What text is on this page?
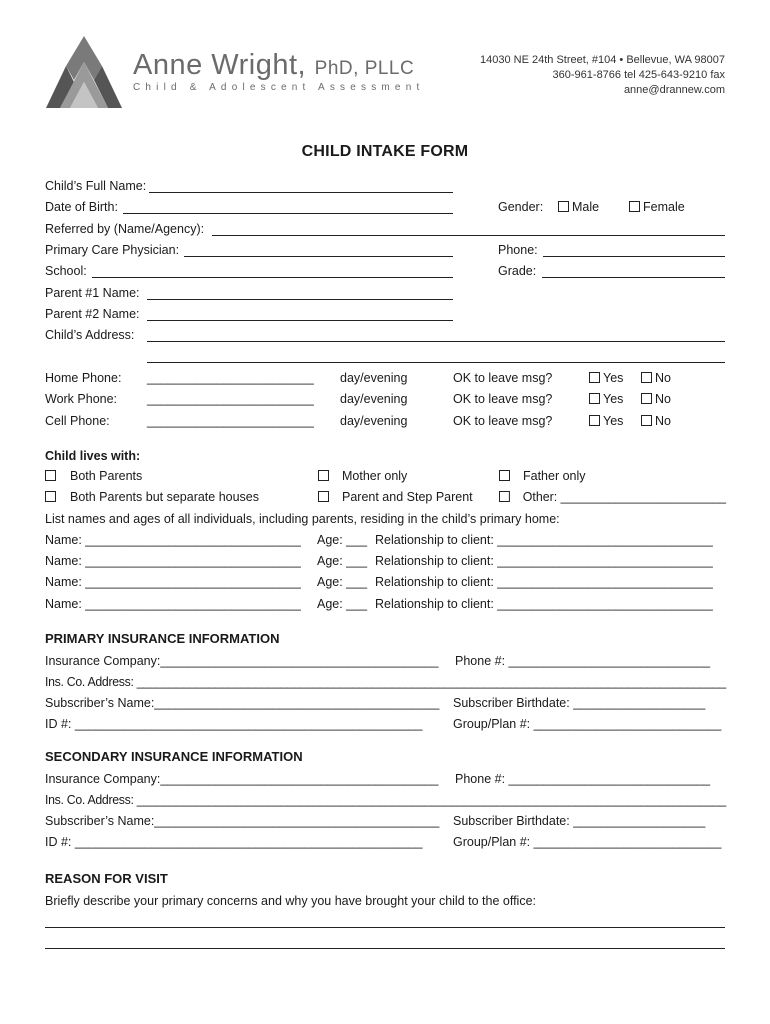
Anne Wright, PhD, PLLC
Child & Adolescent Assessment
14030 NE 24th Street, #104 • Bellevue, WA 98007
360-961-8766 tel 425-643-9210 fax
anne@drannew.com
CHILD INTAKE FORM
Child’s Full Name:
Date of Birth:	Gender:	Male	Female
Referred by (Name/Agency):
Primary Care Physician:	Phone:
School:	Grade:
Parent #1 Name:
Parent #2 Name:
Child’s Address:
Home Phone: ________________________ day/evening	OK to leave msg?	Yes	No
Work Phone: ________________________ day/evening	OK to leave msg?	Yes	No
Cell Phone:	________________________ day/evening	OK to leave msg?	Yes	No
Child lives with:
Both Parents	Mother only	Father only
Both Parents but separate houses	Parent and Step Parent	Other: ________________________
List names and ages of all individuals, including parents, residing in the child’s primary home:
Name: _______________________________ Age: ___ Relationship to client: _______________________________
Name: _______________________________ Age: ___ Relationship to client: _______________________________
Name: _______________________________ Age: ___ Relationship to client: _______________________________
Name: _______________________________ Age: ___ Relationship to client: _______________________________
PRIMARY INSURANCE INFORMATION
Insurance Company:________________________________________ Phone #: _____________________________
Ins. Co. Address: __________________________________________________________________________________________
Subscriber’s Name:_________________________________________ Subscriber Birthdate: ___________________
ID #: __________________________________________________ Group/Plan #: ___________________________
SECONDARY INSURANCE INFORMATION
Insurance Company:________________________________________ Phone #: _____________________________
Ins. Co. Address: __________________________________________________________________________________________
Subscriber’s Name:_________________________________________ Subscriber Birthdate: ___________________
ID #: __________________________________________________ Group/Plan #: ___________________________
REASON FOR VISIT
Briefly describe your primary concerns and why you have brought your child to the office:
